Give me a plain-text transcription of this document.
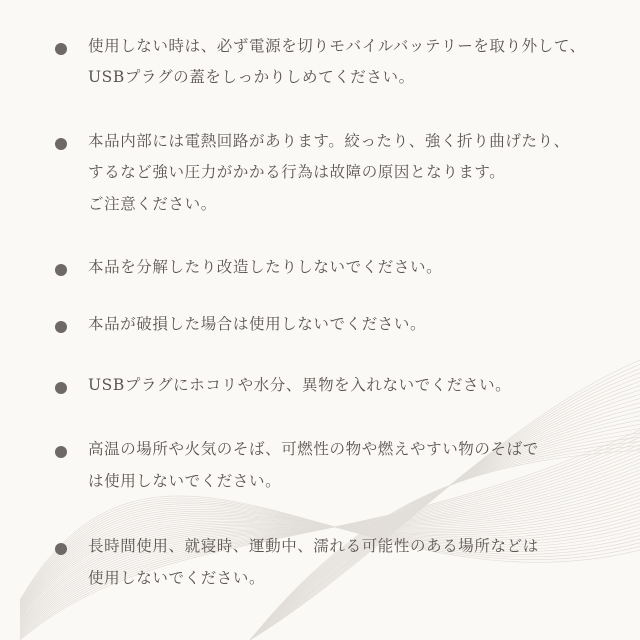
使用しない時は、必ず電源を切りモバイルバッテリーを取り外して、
USBプラグの蓋をしっかりしめてください。
本品内部には電熱回路があります。絞ったり、強く折り曲げたり、
するなど強い圧力がかかる行為は故障の原因となります。
ご注意ください。
本品を分解したり改造したりしないでください。
本品が破損した場合は使用しないでください。
USBプラグにホコリや水分、異物を入れないでください。
高温の場所や火気のそば、可燃性の物や燃えやすい物のそばで
は使用しないでください。
長時間使用、就寝時、運動中、濡れる可能性のある場所などは
使用しないでください。
